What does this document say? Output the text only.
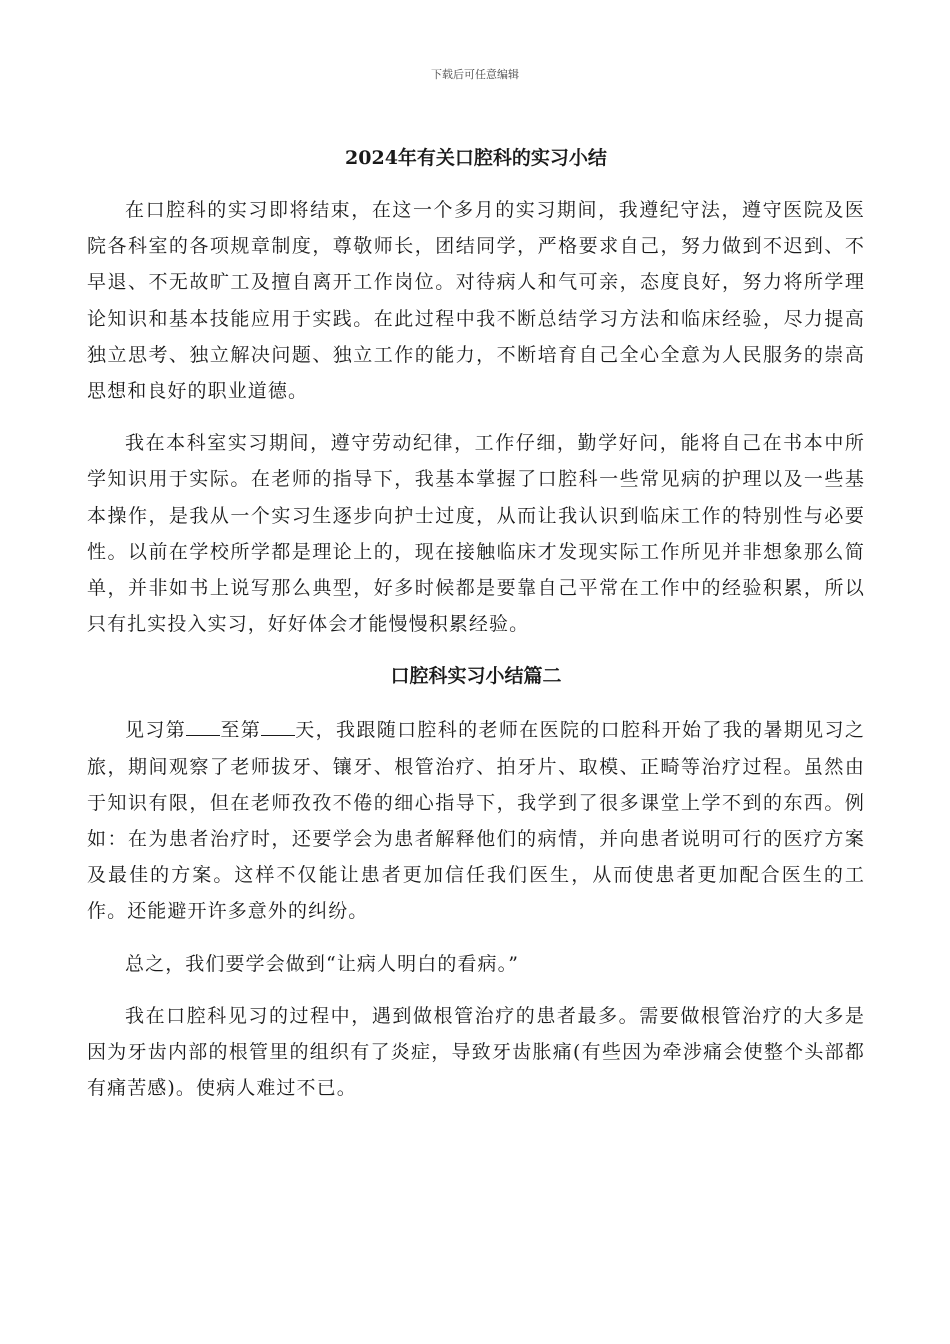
下载后可任意编辑
2024年有关口腔科的实习小结

在口腔科的实习即将结束，在这一个多月的实习期间，我遵纪守法，遵守医院及医院各科室的各项规章制度，尊敬师长，团结同学，严格要求自己，努力做到不迟到、不早退、不无故旷工及擅自离开工作岗位。对待病人和气可亲，态度良好，努力将所学理论知识和基本技能应用于实践。在此过程中我不断总结学习方法和临床经验，尽力提高独立思考、独立解决问题、独立工作的能力，不断培育自己全心全意为人民服务的崇高思想和良好的职业道德。

我在本科室实习期间，遵守劳动纪律，工作仔细，勤学好问，能将自己在书本中所学知识用于实际。在老师的指导下，我基本掌握了口腔科一些常见病的护理以及一些基本操作，是我从一个实习生逐步向护士过度，从而让我认识到临床工作的特别性与必要性。以前在学校所学都是理论上的，现在接触临床才发现实际工作所见并非想象那么简单，并非如书上说写那么典型，好多时候都是要靠自己平常在工作中的经验积累，所以只有扎实投入实习，好好体会才能慢慢积累经验。

口腔科实习小结篇二

见习第 至第 天，我跟随口腔科的老师在医院的口腔科开始了我的暑期见习之旅，期间观察了老师拔牙、镶牙、根管治疗、拍牙片、取模、正畸等治疗过程。虽然由于知识有限，但在老师孜孜不倦的细心指导下，我学到了很多课堂上学不到的东西。例如：在为患者治疗时，还要学会为患者解释他们的病情，并向患者说明可行的医疗方案及最佳的方案。这样不仅能让患者更加信任我们医生，从而使患者更加配合医生的工作。还能避开许多意外的纠纷。

总之，我们要学会做到“让病人明白的看病。”

我在口腔科见习的过程中，遇到做根管治疗的患者最多。需要做根管治疗的大多是因为牙齿内部的根管里的组织有了炎症，导致牙齿胀痛(有些因为牵涉痛会使整个头部都有痛苦感)。使病人难过不已。
